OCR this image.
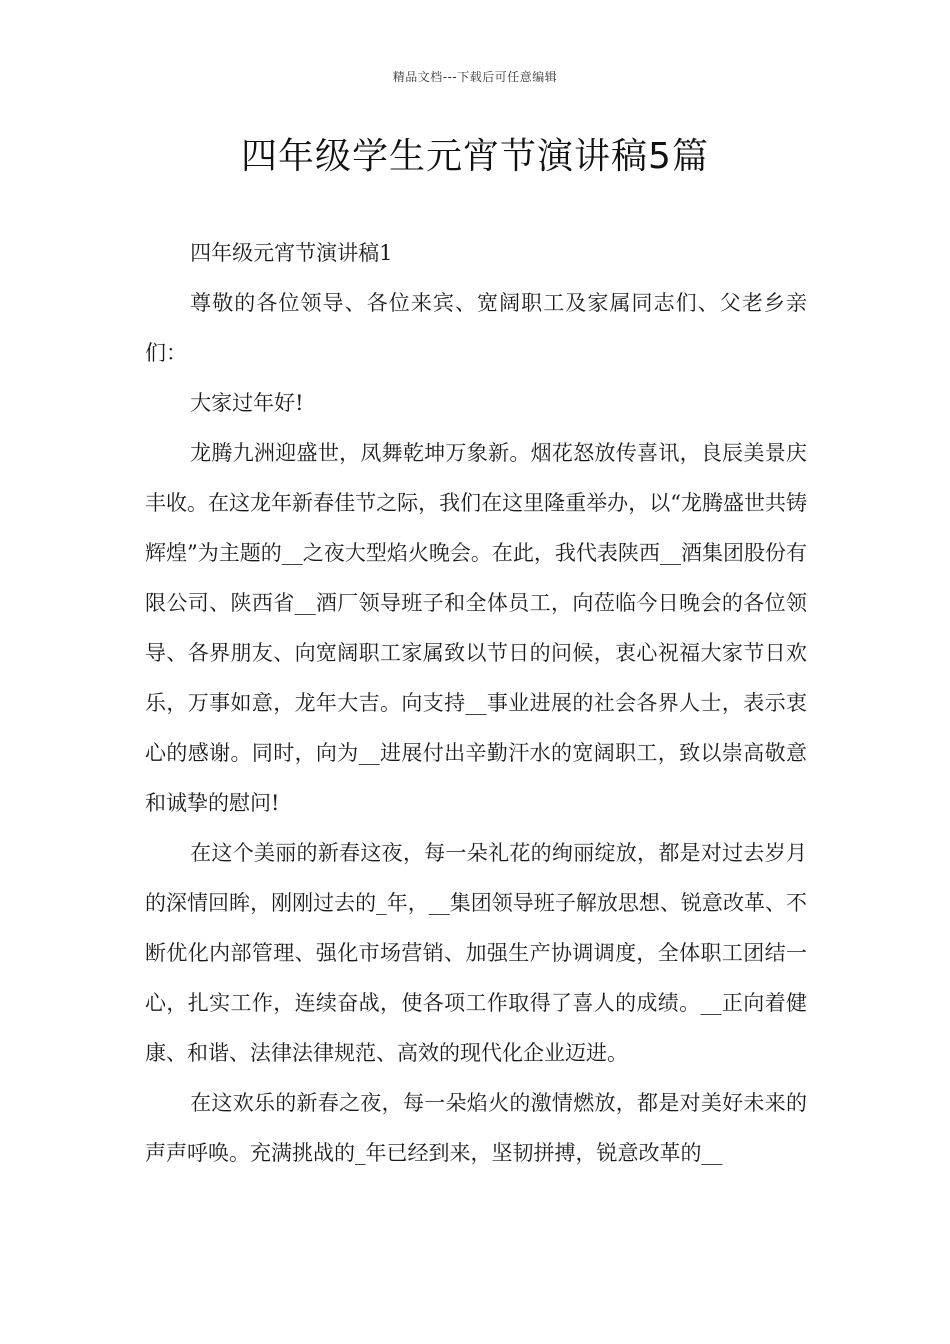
精品文档---下载后可任意编辑
四年级学生元宵节演讲稿5篇

四年级元宵节演讲稿1

尊敬的各位领导、各位来宾、宽阔职工及家属同志们、父老乡亲们：

大家过年好!

龙腾九洲迎盛世，凤舞乾坤万象新。烟花怒放传喜讯，良辰美景庆丰收。在这龙年新春佳节之际，我们在这里隆重举办，以“龙腾盛世共铸辉煌”为主题的__之夜大型焰火晚会。在此，我代表陕西__酒集团股份有限公司、陕西省__酒厂领导班子和全体员工，向莅临今日晚会的各位领导、各界朋友、向宽阔职工家属致以节日的问候，衷心祝福大家节日欢乐，万事如意，龙年大吉。向支持__事业进展的社会各界人士，表示衷心的感谢。同时，向为__进展付出辛勤汗水的宽阔职工，致以崇高敬意和诚挚的慰问!

在这个美丽的新春这夜，每一朵礼花的绚丽绽放，都是对过去岁月的深情回眸，刚刚过去的_年，__集团领导班子解放思想、锐意改革、不断优化内部管理、强化市场营销、加强生产协调调度，全体职工团结一心，扎实工作，连续奋战，使各项工作取得了喜人的成绩。__正向着健康、和谐、法律法律规范、高效的现代化企业迈进。

在这欢乐的新春之夜，每一朵焰火的激情燃放，都是对美好未来的声声呼唤。充满挑战的_年已经到来，坚韧拼搏，锐意改革的__
